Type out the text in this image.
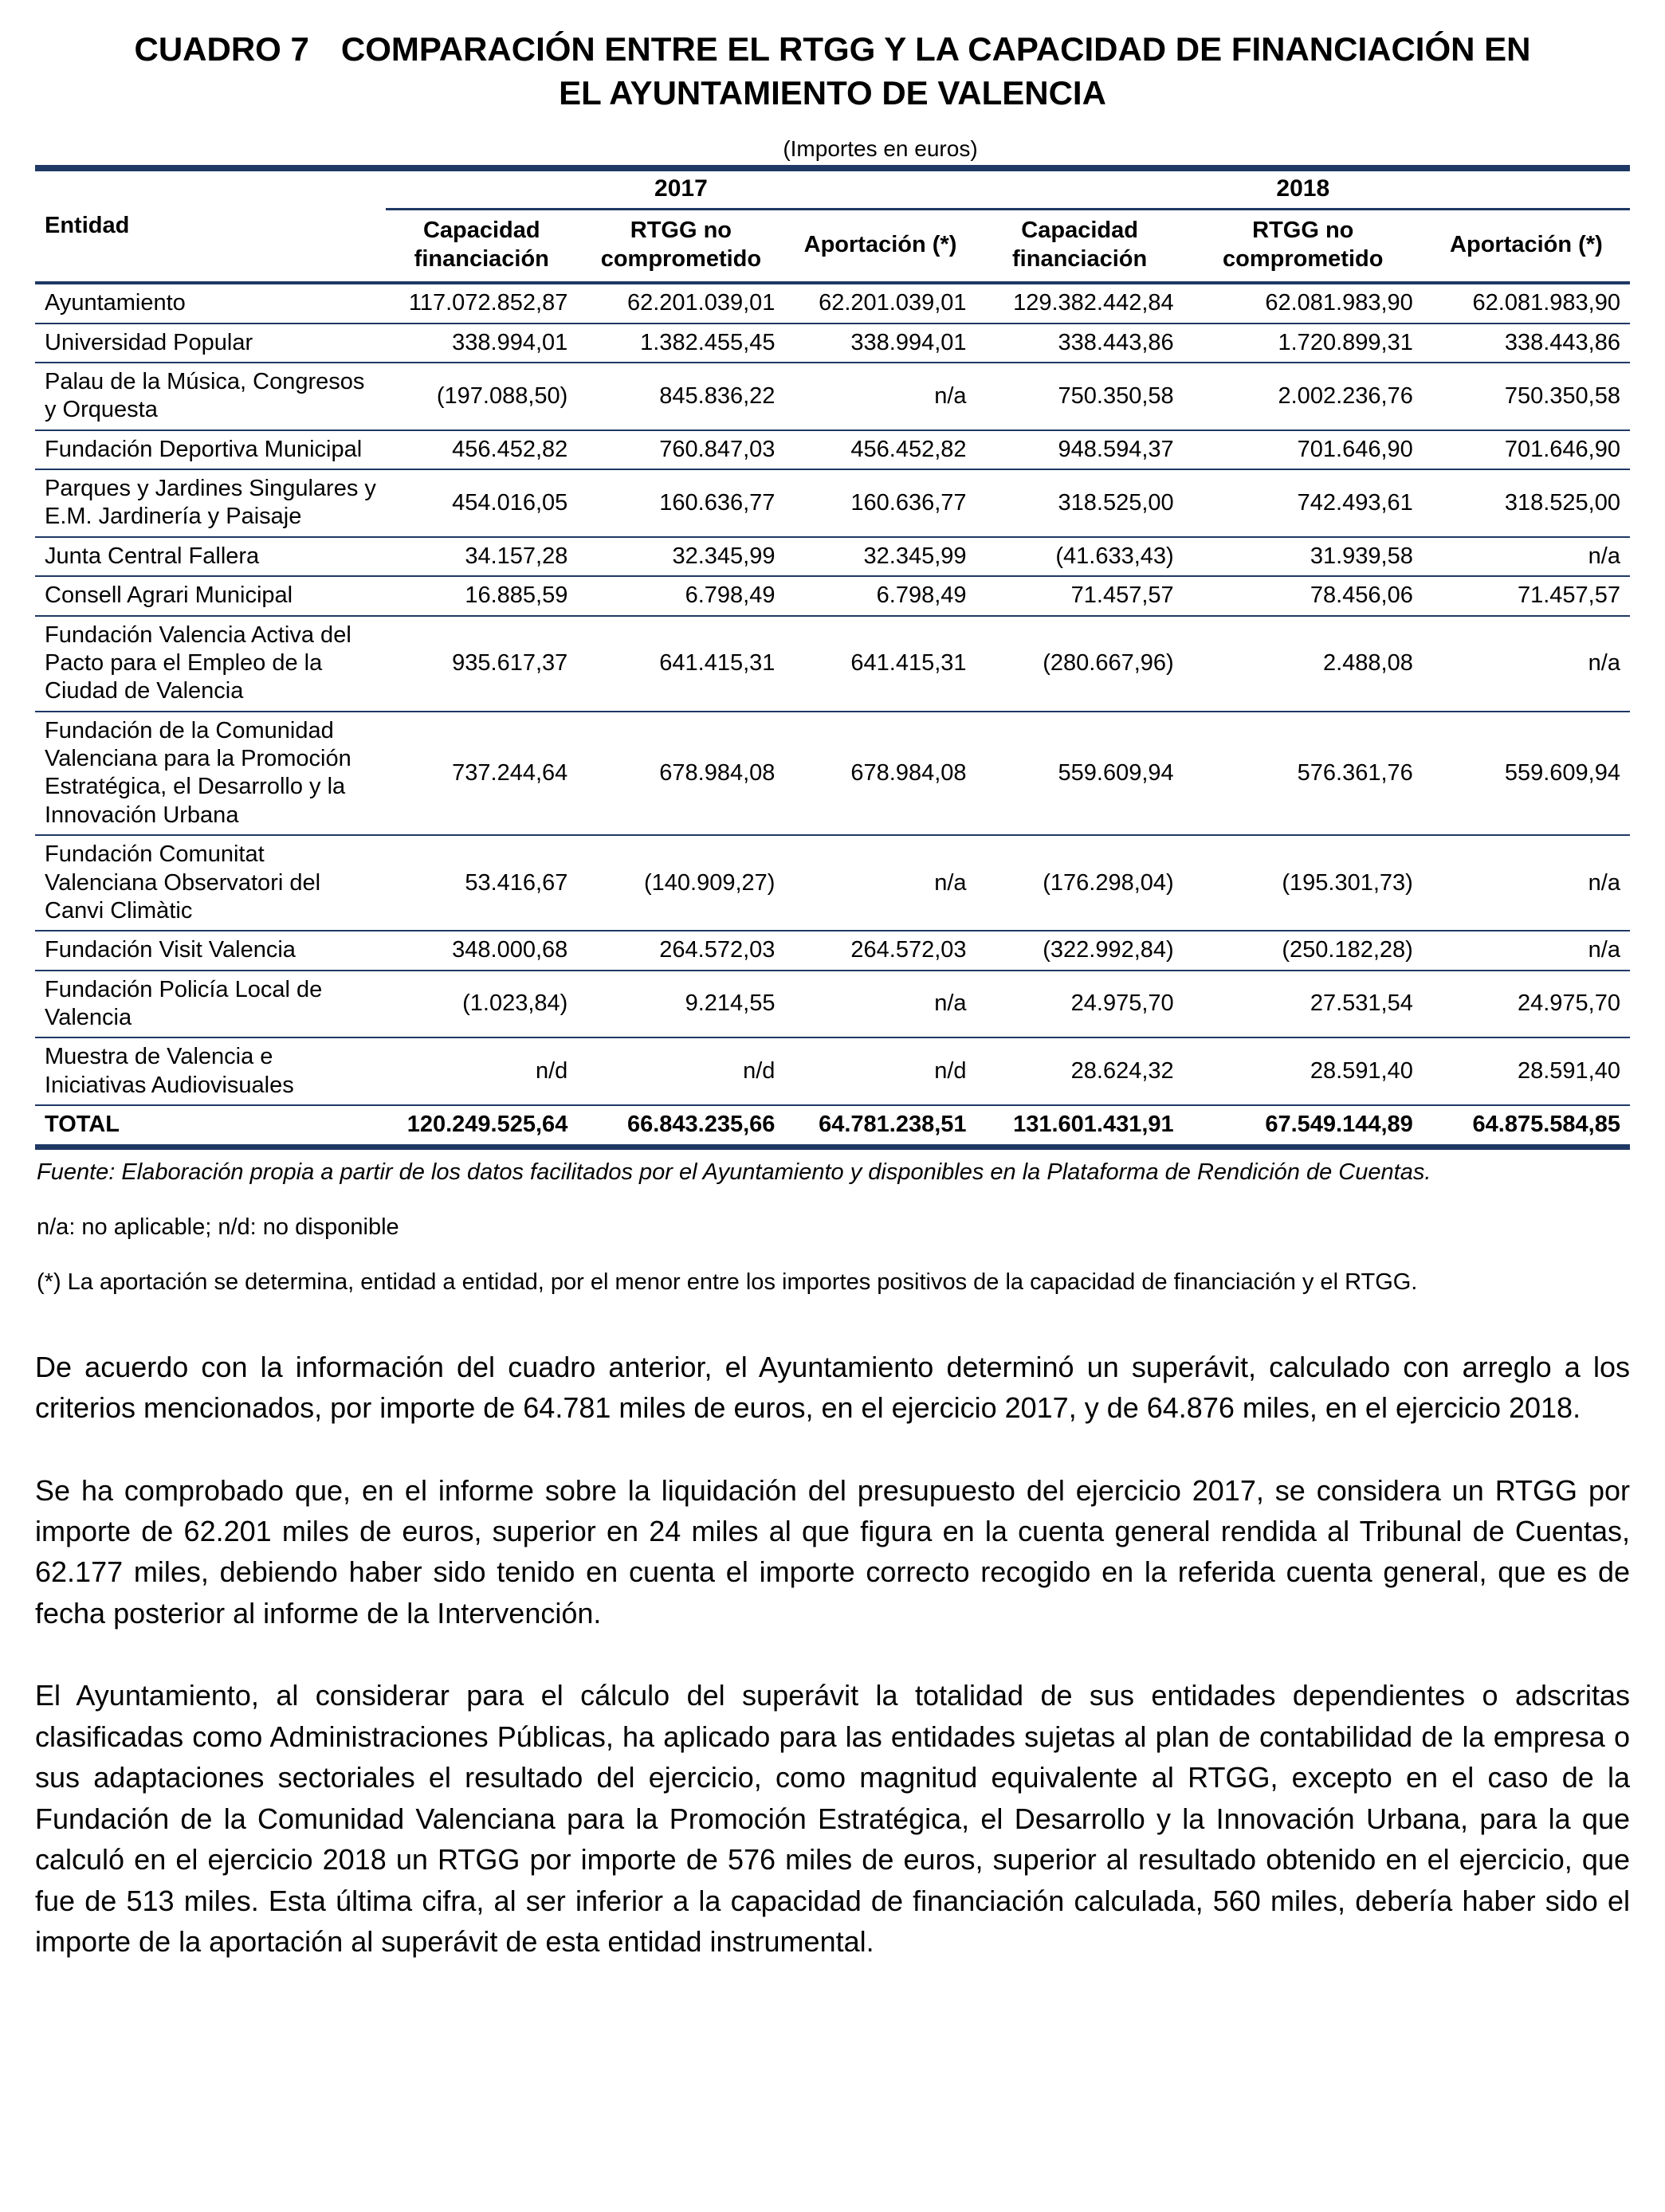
CUADRO 7 COMPARACIÓN ENTRE EL RTGG Y LA CAPACIDAD DE FINANCIACIÓN EN EL AYUNTAMIENTO DE VALENCIA
(Importes en euros)
Entidad	2017			2018		
	Capacidad financiación	RTGG no comprometido	Aportación (*)	Capacidad financiación	RTGG no comprometido	Aportación (*)
Ayuntamiento	117.072.852,87	62.201.039,01	62.201.039,01	129.382.442,84	62.081.983,90	62.081.983,90
Universidad Popular	338.994,01	1.382.455,45	338.994,01	338.443,86	1.720.899,31	338.443,86
Palau de la Música, Congresos y Orquesta	(197.088,50)	845.836,22	n/a	750.350,58	2.002.236,76	750.350,58
Fundación Deportiva Municipal	456.452,82	760.847,03	456.452,82	948.594,37	701.646,90	701.646,90
Parques y Jardines Singulares y E.M. Jardinería y Paisaje	454.016,05	160.636,77	160.636,77	318.525,00	742.493,61	318.525,00
Junta Central Fallera	34.157,28	32.345,99	32.345,99	(41.633,43)	31.939,58	n/a
Consell Agrari Municipal	16.885,59	6.798,49	6.798,49	71.457,57	78.456,06	71.457,57
Fundación Valencia Activa del Pacto para el Empleo de la Ciudad de Valencia	935.617,37	641.415,31	641.415,31	(280.667,96)	2.488,08	n/a
Fundación de la Comunidad Valenciana para la Promoción Estratégica, el Desarrollo y la Innovación Urbana	737.244,64	678.984,08	678.984,08	559.609,94	576.361,76	559.609,94
Fundación Comunitat Valenciana Observatori del Canvi Climàtic	53.416,67	(140.909,27)	n/a	(176.298,04)	(195.301,73)	n/a
Fundación Visit Valencia	348.000,68	264.572,03	264.572,03	(322.992,84)	(250.182,28)	n/a
Fundación Policía Local de Valencia	(1.023,84)	9.214,55	n/a	24.975,70	27.531,54	24.975,70
Muestra de Valencia e Iniciativas Audiovisuales	n/d	n/d	n/d	28.624,32	28.591,40	28.591,40
TOTAL	120.249.525,64	66.843.235,66	64.781.238,51	131.601.431,91	67.549.144,89	64.875.584,85
Fuente: Elaboración propia a partir de los datos facilitados por el Ayuntamiento y disponibles en la Plataforma de Rendición de Cuentas.
n/a: no aplicable; n/d: no disponible
(*) La aportación se determina, entidad a entidad, por el menor entre los importes positivos de la capacidad de financiación y el RTGG.

De acuerdo con la información del cuadro anterior, el Ayuntamiento determinó un superávit, calculado con arreglo a los criterios mencionados, por importe de 64.781 miles de euros, en el ejercicio 2017, y de 64.876 miles, en el ejercicio 2018.

Se ha comprobado que, en el informe sobre la liquidación del presupuesto del ejercicio 2017, se considera un RTGG por importe de 62.201 miles de euros, superior en 24 miles al que figura en la cuenta general rendida al Tribunal de Cuentas, 62.177 miles, debiendo haber sido tenido en cuenta el importe correcto recogido en la referida cuenta general, que es de fecha posterior al informe de la Intervención.

El Ayuntamiento, al considerar para el cálculo del superávit la totalidad de sus entidades dependientes o adscritas clasificadas como Administraciones Públicas, ha aplicado para las entidades sujetas al plan de contabilidad de la empresa o sus adaptaciones sectoriales el resultado del ejercicio, como magnitud equivalente al RTGG, excepto en el caso de la Fundación de la Comunidad Valenciana para la Promoción Estratégica, el Desarrollo y la Innovación Urbana, para la que calculó en el ejercicio 2018 un RTGG por importe de 576 miles de euros, superior al resultado obtenido en el ejercicio, que fue de 513 miles. Esta última cifra, al ser inferior a la capacidad de financiación calculada, 560 miles, debería haber sido el importe de la aportación al superávit de esta entidad instrumental.
